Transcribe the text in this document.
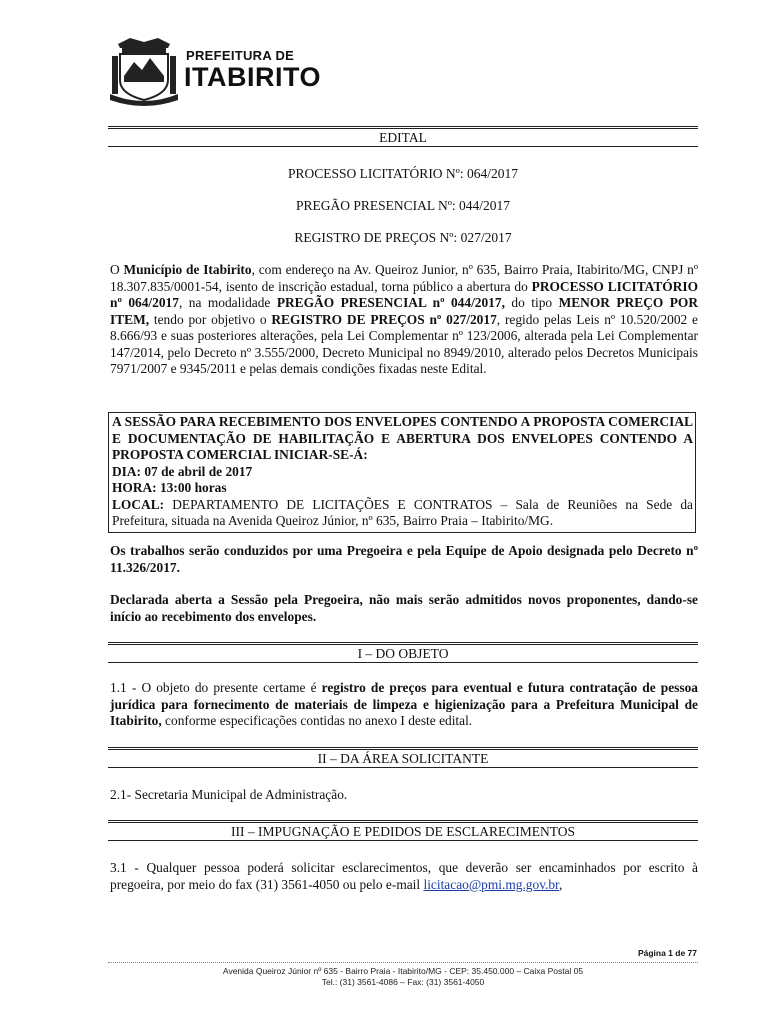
PREFEITURA DE
ITABIRITO
EDITAL
PROCESSO LICITATÓRIO Nº: 064/2017
PREGÃO PRESENCIAL Nº: 044/2017
REGISTRO DE PREÇOS Nº: 027/2017
O Município de Itabirito, com endereço na Av. Queiroz Junior, nº 635, Bairro Praia, Itabirito/MG, CNPJ nº 18.307.835/0001-54, isento de inscrição estadual, torna público a abertura do PROCESSO LICITATÓRIO nº 064/2017, na modalidade PREGÃO PRESENCIAL nº 044/2017, do tipo MENOR PREÇO POR ITEM, tendo por objetivo o REGISTRO DE PREÇOS nº 027/2017, regido pelas Leis nº 10.520/2002 e 8.666/93 e suas posteriores alterações, pela Lei Complementar nº 123/2006, alterada pela Lei Complementar 147/2014, pelo Decreto nº 3.555/2000, Decreto Municipal no 8949/2010, alterado pelos Decretos Municipais 7971/2007 e 9345/2011 e pelas demais condições fixadas neste Edital.
A SESSÃO PARA RECEBIMENTO DOS ENVELOPES CONTENDO A PROPOSTA COMERCIAL E DOCUMENTAÇÃO DE HABILITAÇÃO E ABERTURA DOS ENVELOPES CONTENDO A PROPOSTA COMERCIAL INICIAR-SE-Á:
DIA: 07 de abril de 2017
HORA: 13:00 horas
LOCAL: DEPARTAMENTO DE LICITAÇÕES E CONTRATOS – Sala de Reuniões na Sede da Prefeitura, situada na Avenida Queiroz Júnior, nº 635, Bairro Praia – Itabirito/MG.
Os trabalhos serão conduzidos por uma Pregoeira e pela Equipe de Apoio designada pelo Decreto nº 11.326/2017.
Declarada aberta a Sessão pela Pregoeira, não mais serão admitidos novos proponentes, dando-se início ao recebimento dos envelopes.
I – DO OBJETO
1.1 - O objeto do presente certame é registro de preços para eventual e futura contratação de pessoa jurídica para fornecimento de materiais de limpeza e higienização para a Prefeitura Municipal de Itabirito, conforme especificações contidas no anexo I deste edital.
II – DA ÁREA SOLICITANTE
2.1- Secretaria Municipal de Administração.
III – IMPUGNAÇÃO E PEDIDOS DE ESCLARECIMENTOS
3.1 - Qualquer pessoa poderá solicitar esclarecimentos, que deverão ser encaminhados por escrito à pregoeira, por meio do fax (31) 3561-4050 ou pelo e-mail licitacao@pmi.mg.gov.br,
Página 1 de 77
Avenida Queiroz Júnior nº 635 - Bairro Praia - Itabirito/MG - CEP: 35.450.000 – Caixa Postal 05
Tel.: (31) 3561-4086 – Fax: (31) 3561-4050
